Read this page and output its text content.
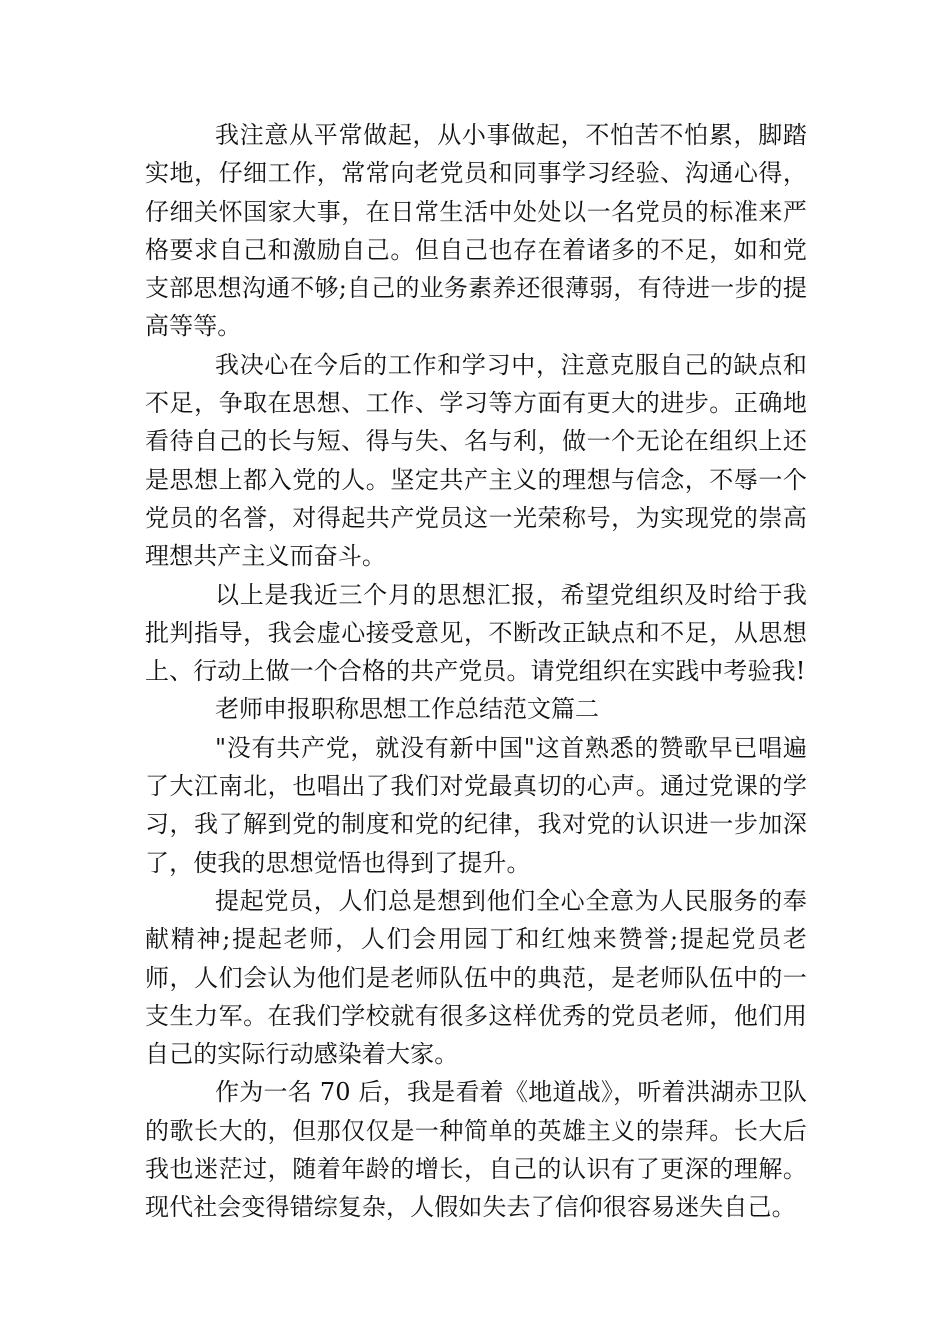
我注意从平常做起，从小事做起，不怕苦不怕累，脚踏实地，仔细工作，常常向老党员和同事学习经验、沟通心得，仔细关怀国家大事，在日常生活中处处以一名党员的标准来严格要求自己和激励自己。但自己也存在着诸多的不足，如和党支部思想沟通不够;自己的业务素养还很薄弱，有待进一步的提高等等。

我决心在今后的工作和学习中，注意克服自己的缺点和不足，争取在思想、工作、学习等方面有更大的进步。正确地看待自己的长与短、得与失、名与利，做一个无论在组织上还是思想上都入党的人。坚定共产主义的理想与信念，不辱一个党员的名誉，对得起共产党员这一光荣称号，为实现党的崇高理想共产主义而奋斗。

以上是我近三个月的思想汇报，希望党组织及时给于我批判指导，我会虚心接受意见，不断改正缺点和不足，从思想上、行动上做一个合格的共产党员。请党组织在实践中考验我!

老师申报职称思想工作总结范文篇二

"没有共产党，就没有新中国"这首熟悉的赞歌早已唱遍了大江南北，也唱出了我们对党最真切的心声。通过党课的学习，我了解到党的制度和党的纪律，我对党的认识进一步加深了，使我的思想觉悟也得到了提升。

提起党员，人们总是想到他们全心全意为人民服务的奉献精神;提起老师，人们会用园丁和红烛来赞誉;提起党员老师，人们会认为他们是老师队伍中的典范，是老师队伍中的一支生力军。在我们学校就有很多这样优秀的党员老师，他们用自己的实际行动感染着大家。

作为一名 70 后，我是看着《地道战》，听着洪湖赤卫队的歌长大的，但那仅仅是一种简单的英雄主义的崇拜。长大后我也迷茫过，随着年龄的增长，自己的认识有了更深的理解。现代社会变得错综复杂，人假如失去了信仰很容易迷失自己。
